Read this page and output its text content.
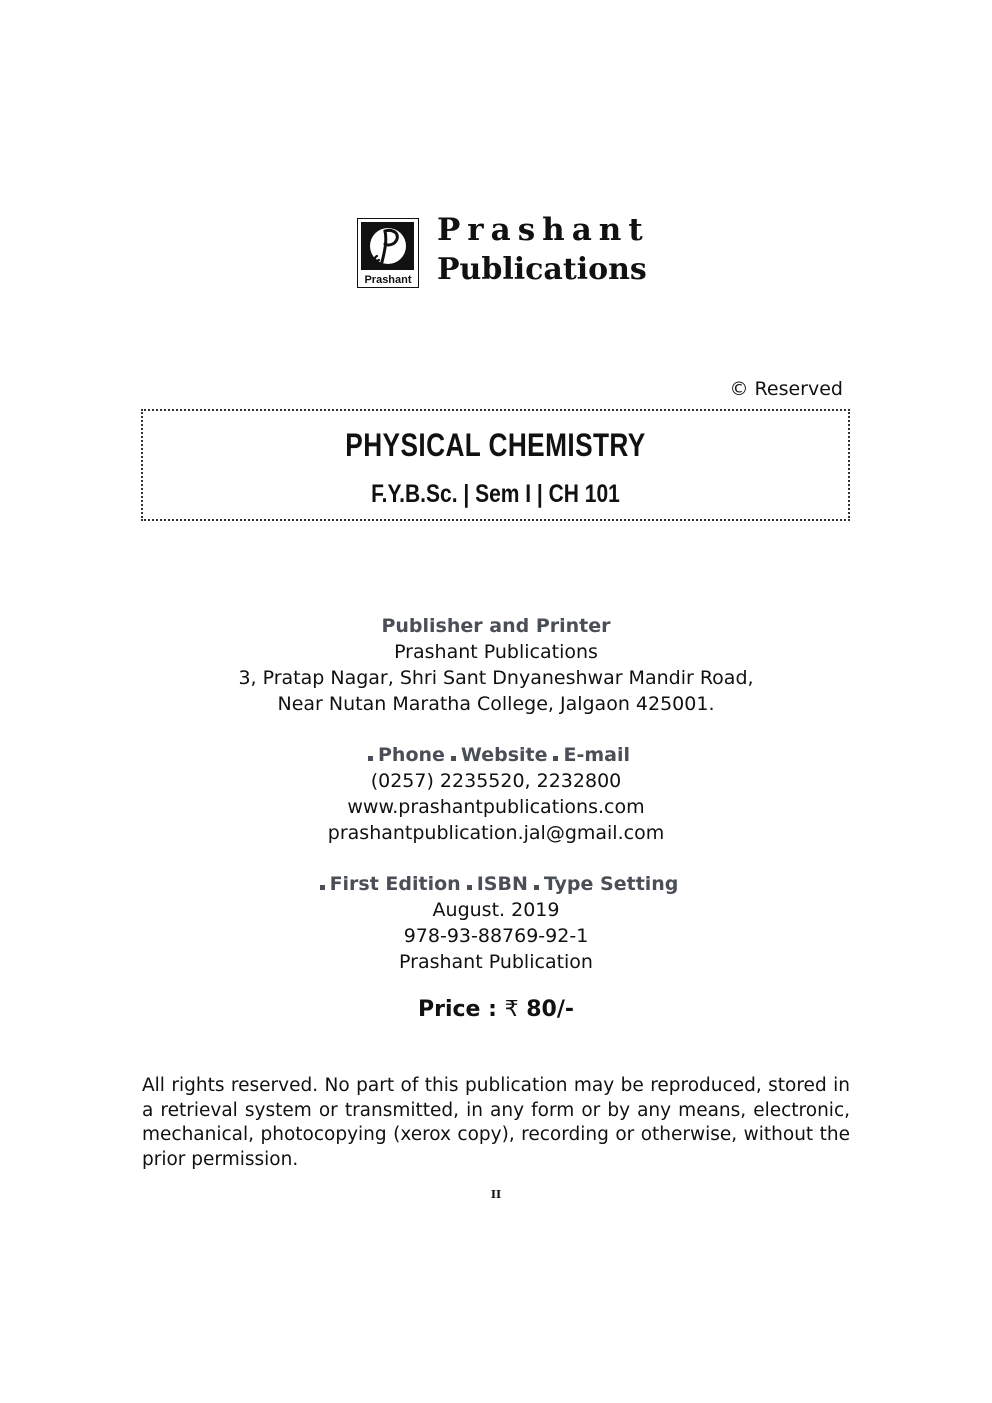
Prashant
Prashant
Publications
© Reserved
PHYSICAL CHEMISTRY
F.Y.B.Sc. | Sem I | CH 101
Publisher and Printer
Prashant Publications
3, Pratap Nagar, Shri Sant Dnyaneshwar Mandir Road,
Near Nutan Maratha College, Jalgaon 425001.
Phone Website E-mail
(0257) 2235520, 2232800
www.prashantpublications.com
prashantpublication.jal@gmail.com
First Edition ISBN Type Setting
August. 2019
978-93-88769-92-1
Prashant Publication
Price : ₹ 80/-
All rights reserved. No part of this publication may be reproduced, stored in a retrieval system or transmitted, in any form or by any means, electronic, mechanical, photocopying (xerox copy), recording or otherwise, without the prior permission.
II
